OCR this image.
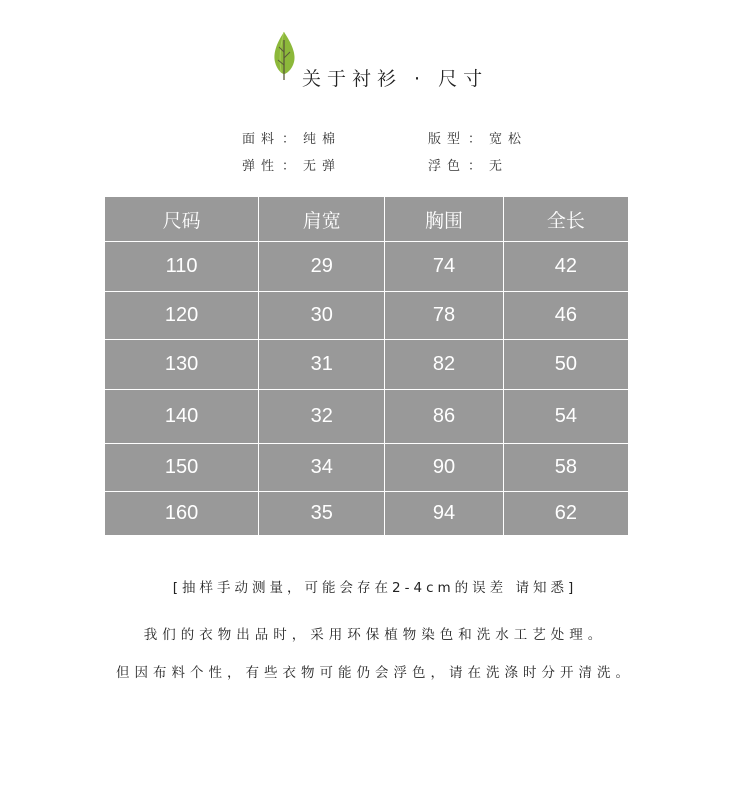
关于衬衫 · 尺寸
面料 ： 纯棉	版型 ： 宽松
弹性 ： 无弹	浮色 ： 无
尺码	肩宽	胸围	全长
110	29	74	42
120	30	78	46
130	31	82	50
140	32	86	54
150	34	90	58
160	35	94	62
[抽样手动测量，可能会存在2-4cm的误差 请知悉]
我们的衣物出品时，采用环保植物染色和洗水工艺处理。
但因布料个性，有些衣物可能仍会浮色，请在洗涤时分开清洗。
